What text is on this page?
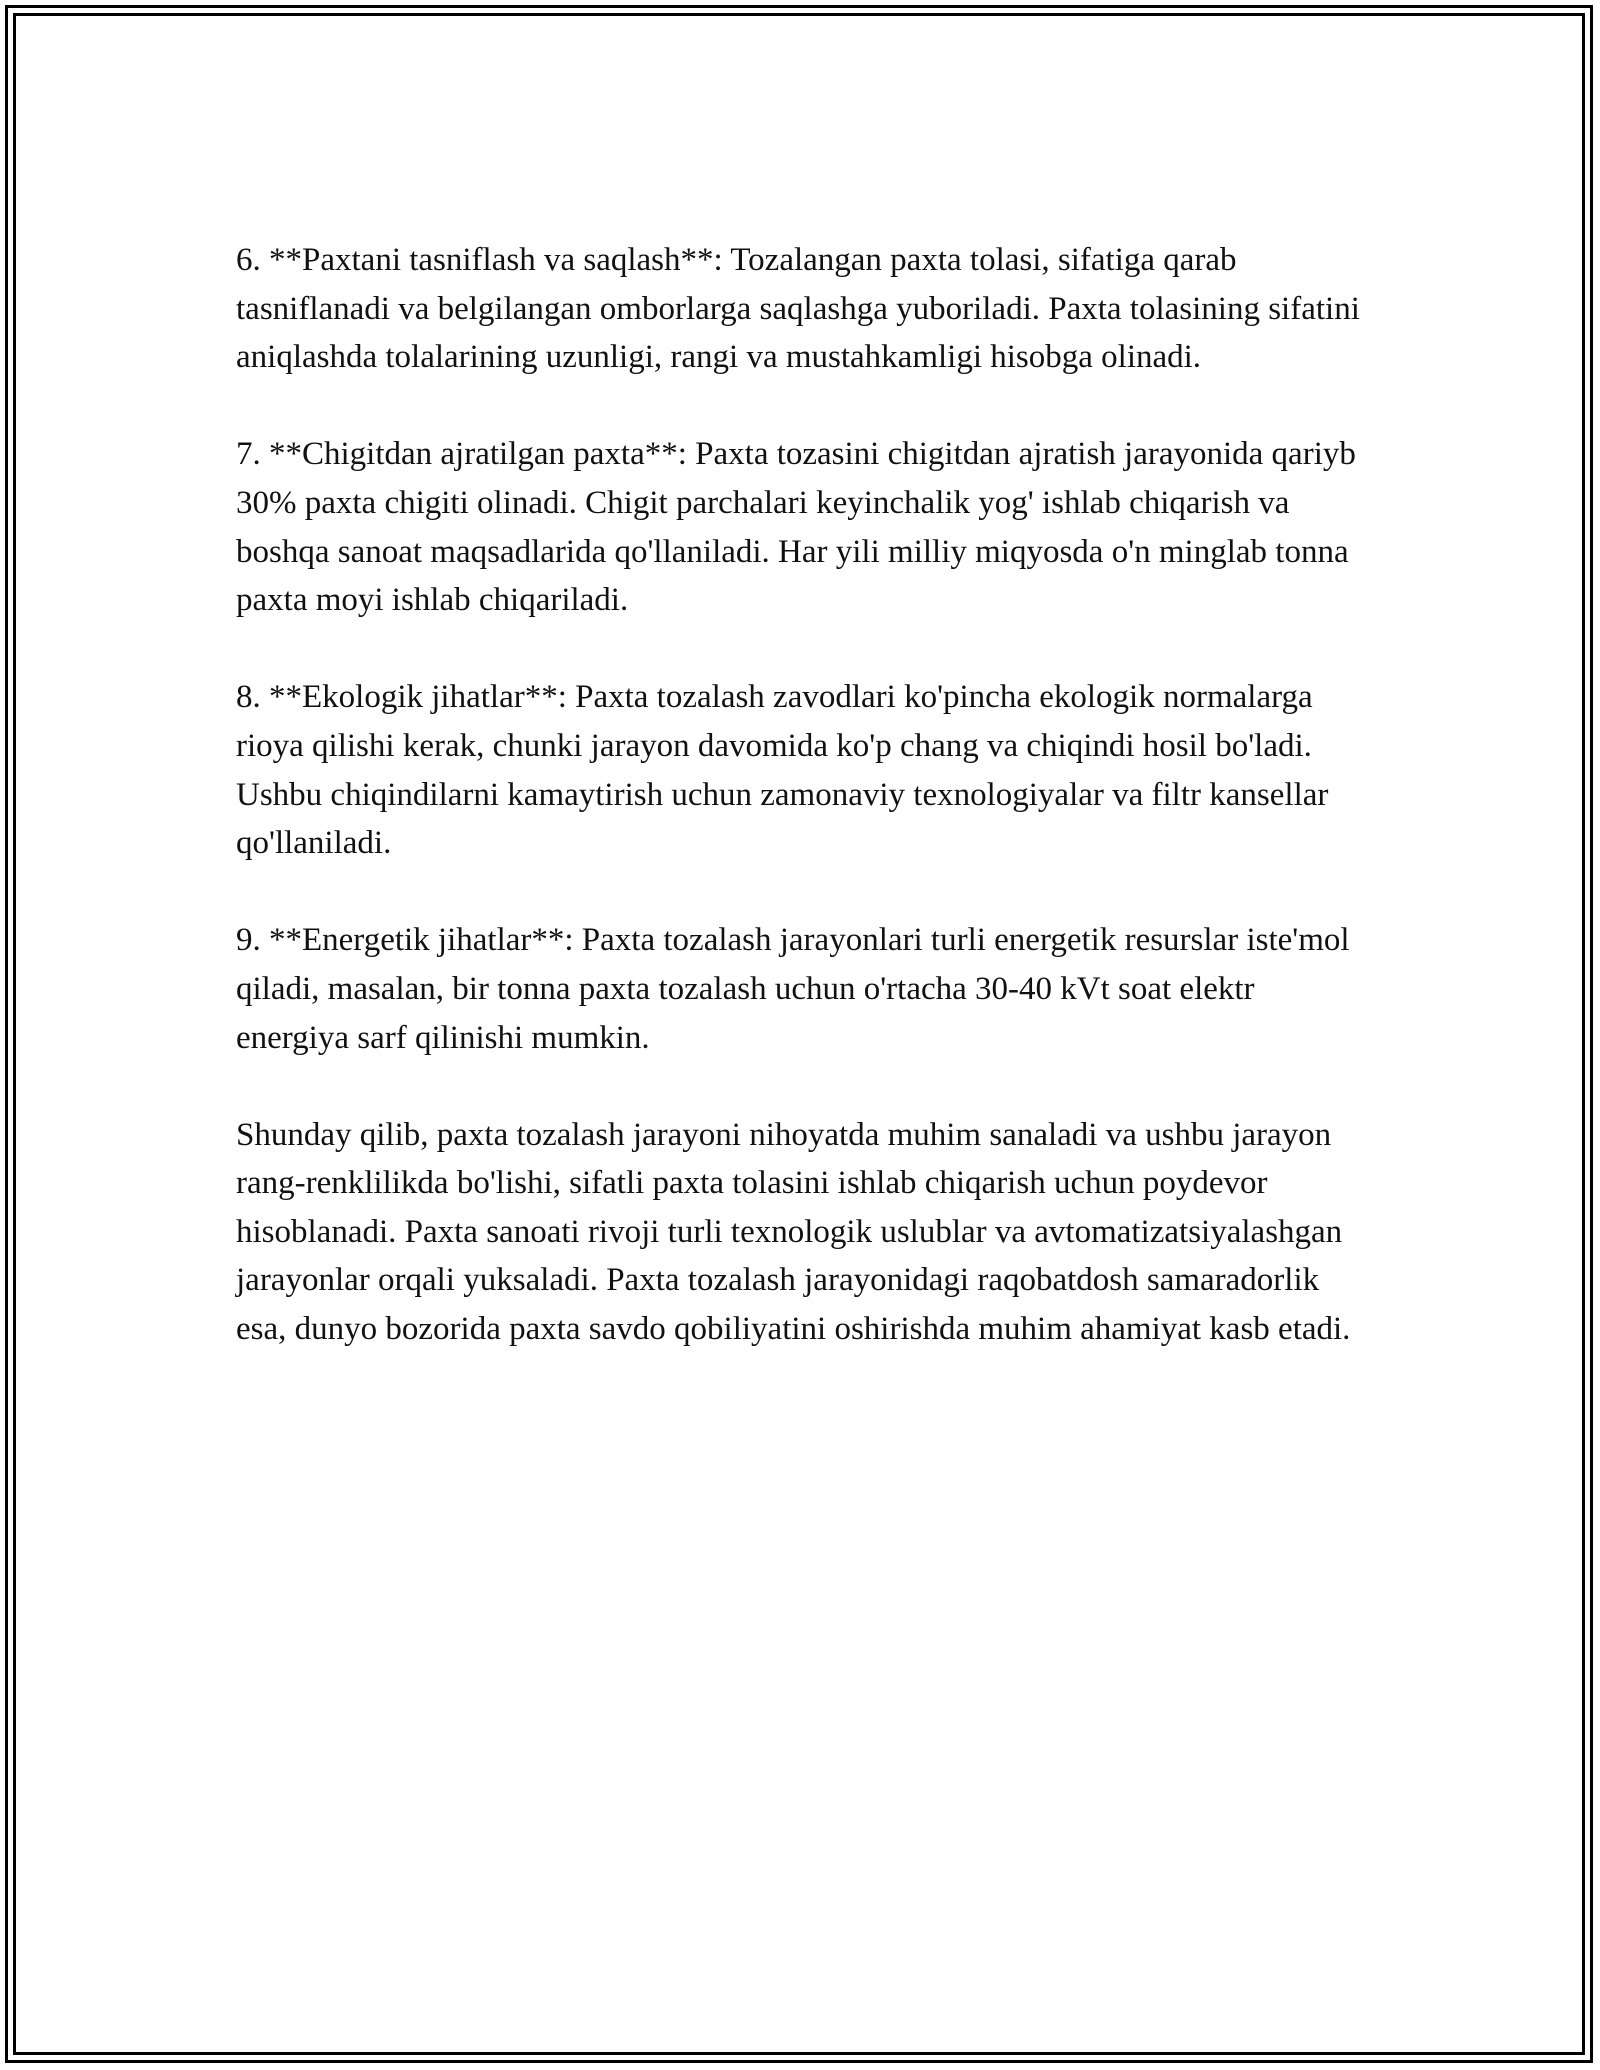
6. **Paxtani tasniflash va saqlash**: Tozalangan paxta tolasi, sifatiga qarab tasniflanadi va belgilangan omborlarga saqlashga yuboriladi. Paxta tolasining sifatini aniqlashda tolalarining uzunligi, rangi va mustahkamligi hisobga olinadi.

7. **Chigitdan ajratilgan paxta**: Paxta tozasini chigitdan ajratish jarayonida qariyb 30% paxta chigiti olinadi. Chigit parchalari keyinchalik yog' ishlab chiqarish va boshqa sanoat maqsadlarida qo'llaniladi. Har yili milliy miqyosda o'n minglab tonna paxta moyi ishlab chiqariladi.

8. **Ekologik jihatlar**: Paxta tozalash zavodlari ko'pincha ekologik normalarga rioya qilishi kerak, chunki jarayon davomida ko'p chang va chiqindi hosil bo'ladi. Ushbu chiqindilarni kamaytirish uchun zamonaviy texnologiyalar va filtr kansellar qo'llaniladi.

9. **Energetik jihatlar**: Paxta tozalash jarayonlari turli energetik resurslar iste'mol qiladi, masalan, bir tonna paxta tozalash uchun o'rtacha 30-40 kVt soat elektr energiya sarf qilinishi mumkin.

Shunday qilib, paxta tozalash jarayoni nihoyatda muhim sanaladi va ushbu jarayon rang-renklilikda bo'lishi, sifatli paxta tolasini ishlab chiqarish uchun poydevor hisoblanadi. Paxta sanoati rivoji turli texnologik uslublar va avtomatizatsiyalashgan jarayonlar orqali yuksaladi. Paxta tozalash jarayonidagi raqobatdosh samaradorlik esa, dunyo bozorida paxta savdo qobiliyatini oshirishda muhim ahamiyat kasb etadi.
